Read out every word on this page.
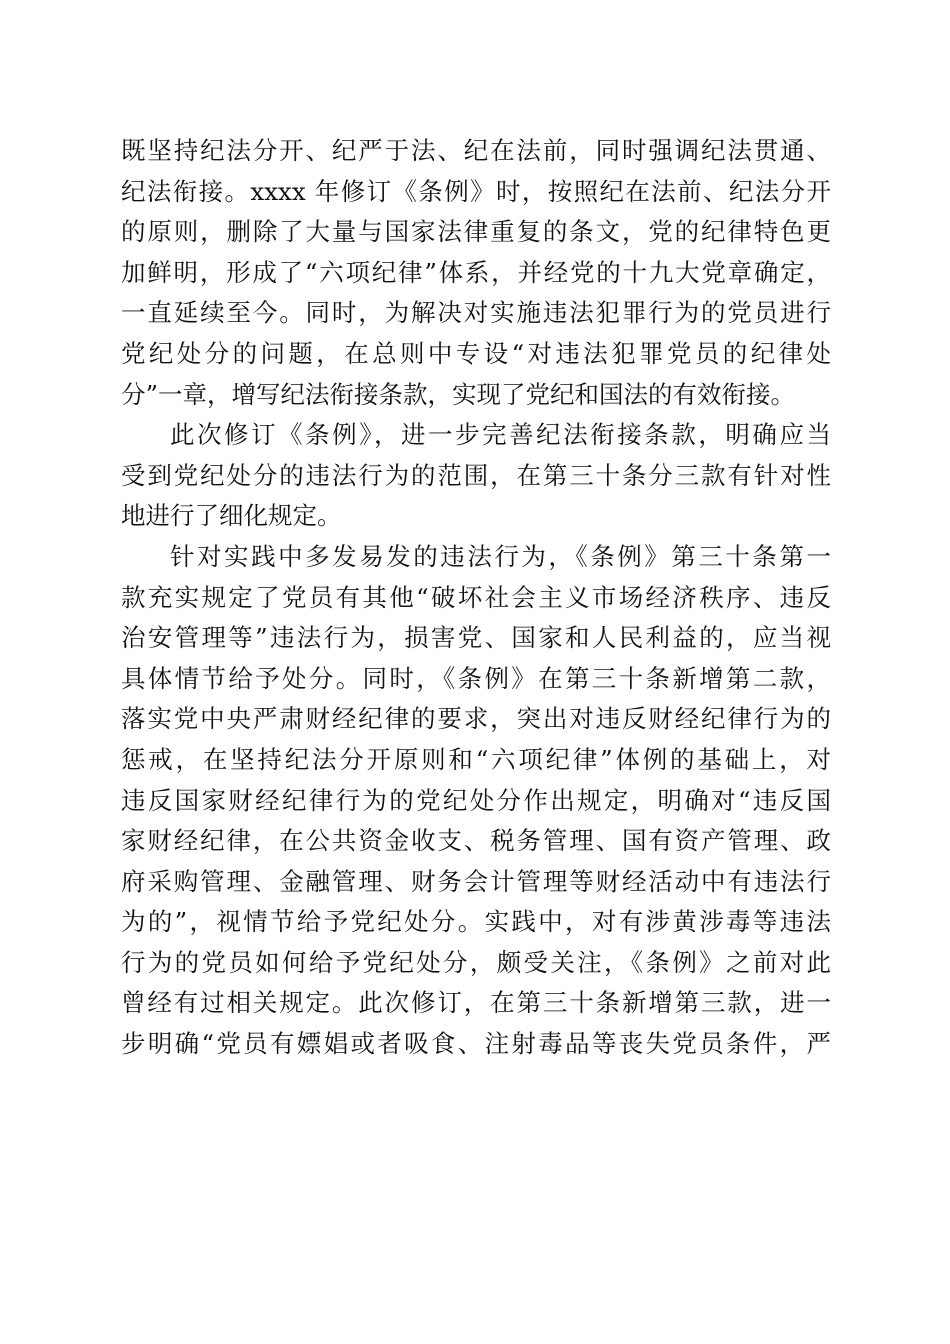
既坚持纪法分开、纪严于法、纪在法前，同时强调纪法贯通、
纪法衔接。xxxx 年修订《条例》时，按照纪在法前、纪法分开
的原则，删除了大量与国家法律重复的条文，党的纪律特色更
加鲜明，形成了“六项纪律”体系，并经党的十九大党章确定，
一直延续至今。同时，为解决对实施违法犯罪行为的党员进行
党纪处分的问题，在总则中专设“对违法犯罪党员的纪律处
分”一章，增写纪法衔接条款，实现了党纪和国法的有效衔接。
此次修订《条例》，进一步完善纪法衔接条款，明确应当
受到党纪处分的违法行为的范围，在第三十条分三款有针对性
地进行了细化规定。
针对实践中多发易发的违法行为，《条例》第三十条第一
款充实规定了党员有其他“破坏社会主义市场经济秩序、违反
治安管理等”违法行为，损害党、国家和人民利益的，应当视
具体情节给予处分。同时，《条例》在第三十条新增第二款，
落实党中央严肃财经纪律的要求，突出对违反财经纪律行为的
惩戒，在坚持纪法分开原则和“六项纪律”体例的基础上，对
违反国家财经纪律行为的党纪处分作出规定，明确对“违反国
家财经纪律，在公共资金收支、税务管理、国有资产管理、政
府采购管理、金融管理、财务会计管理等财经活动中有违法行
为的”，视情节给予党纪处分。实践中，对有涉黄涉毒等违法
行为的党员如何给予党纪处分，颇受关注，《条例》之前对此
曾经有过相关规定。此次修订，在第三十条新增第三款，进一
步明确“党员有嫖娼或者吸食、注射毒品等丧失党员条件，严
